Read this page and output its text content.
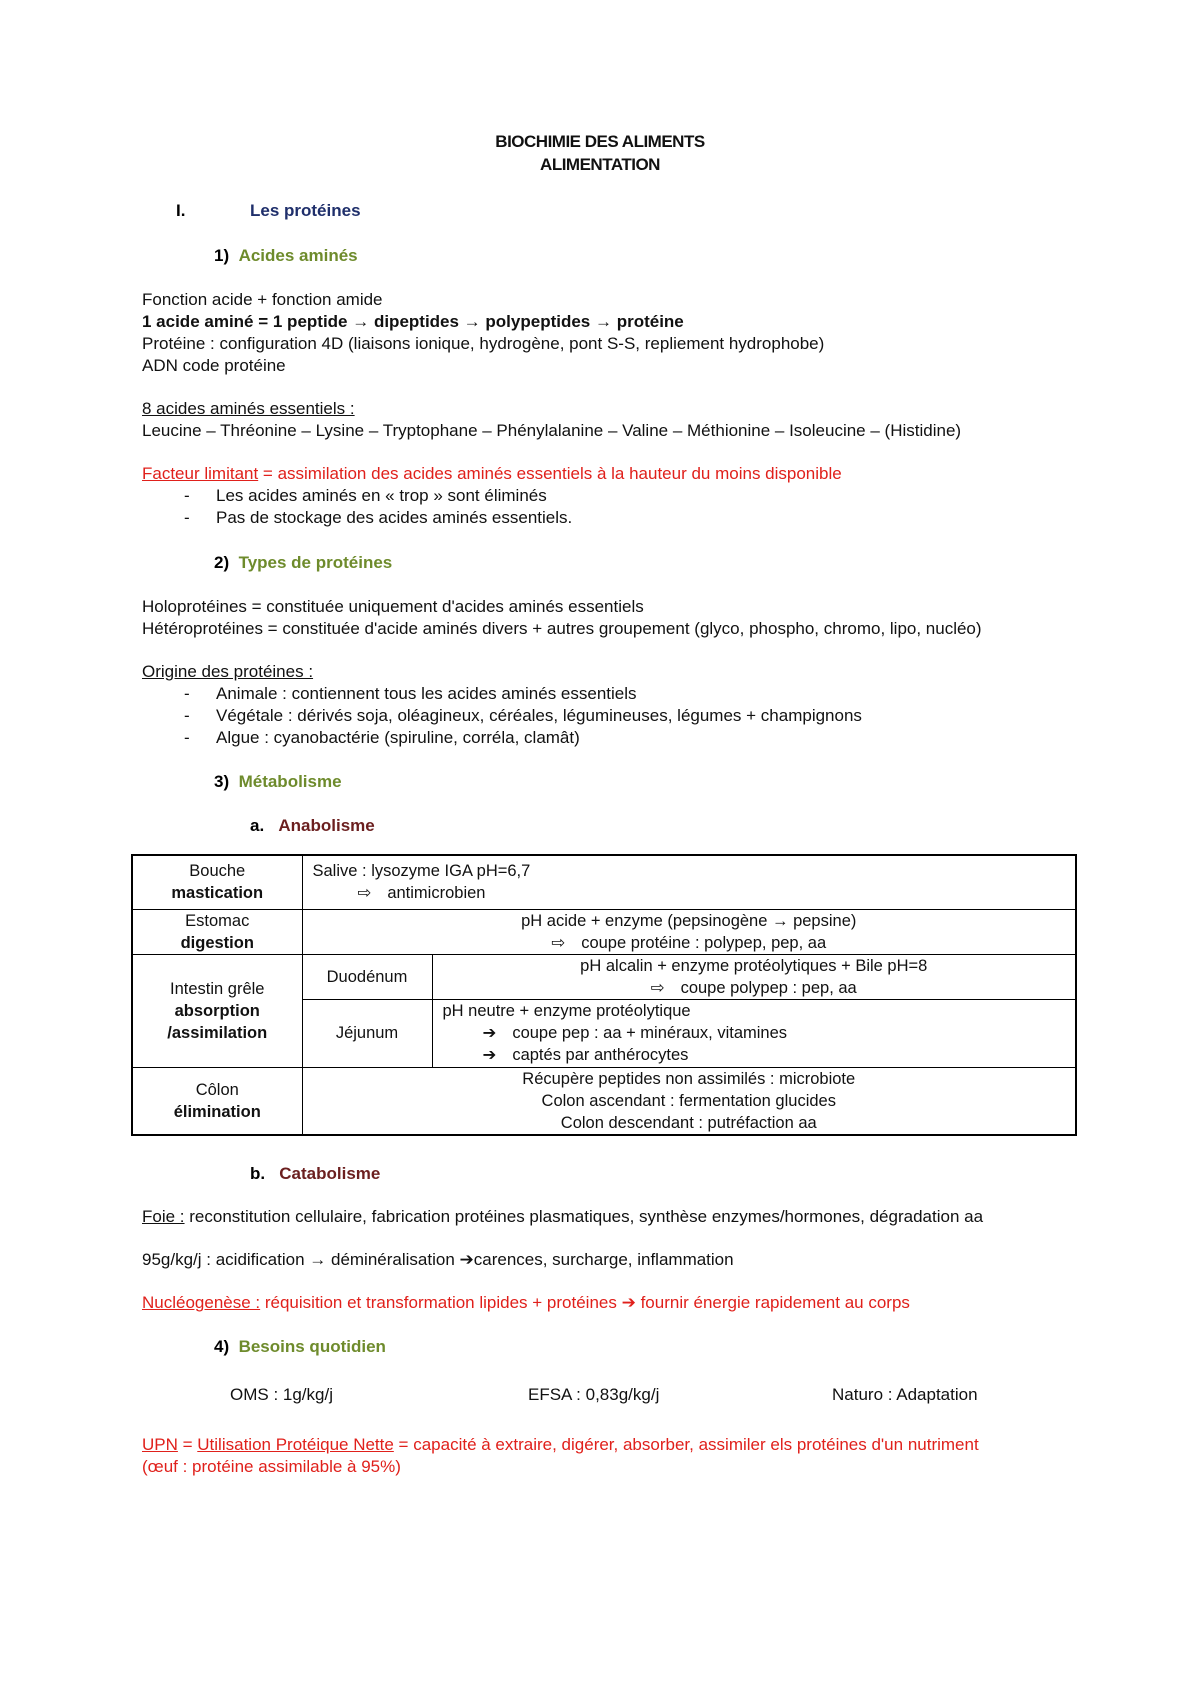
BIOCHIMIE DES ALIMENTS
ALIMENTATION
I.	Les protéines
1) Acides aminés
Fonction acide + fonction amide
1 acide aminé = 1 peptide → dipeptides → polypeptides → protéine
Protéine : configuration 4D (liaisons ionique, hydrogène, pont S-S, repliement hydrophobe)
ADN code protéine
8 acides aminés essentiels :
Leucine – Thréonine – Lysine – Tryptophane – Phénylalanine – Valine – Méthionine – Isoleucine – (Histidine)
Facteur limitant = assimilation des acides aminés essentiels à la hauteur du moins disponible
- Les acides aminés en « trop » sont éliminés
- Pas de stockage des acides aminés essentiels.
2) Types de protéines
Holoprotéines = constituée uniquement d'acides aminés essentiels
Hétéroprotéines = constituée d'acide aminés divers + autres groupement (glyco, phospho, chromo, lipo, nucléo)
Origine des protéines :
- Animale : contiennent tous les acides aminés essentiels
- Végétale : dérivés soja, oléagineux, céréales, légumineuses, légumes + champignons
- Algue : cyanobactérie (spiruline, corréla, clamât)
3) Métabolisme
a. Anabolisme
Bouche
mastication	Salive : lysozyme IGA pH=6,7
⇨ antimicrobien	

Estomac
digestion	pH acide + enzyme (pepsinogène → pepsine)
⇨ coupe protéine : polypep, pep, aa	

Intestin grêle
absorption
/assimilation	Duodénum	pH alcalin + enzyme protéolytiques + Bile pH=8
⇨ coupe polypep : pep, aa

	Jéjunum	pH neutre + enzyme protéolytique
➔ coupe pep : aa + minéraux, vitamines
➔ captés par anthérocytes

Côlon
élimination	Récupère peptides non assimilés : microbiote
Colon ascendant : fermentation glucides
Colon descendant : putréfaction aa	
b. Catabolisme
Foie : reconstitution cellulaire, fabrication protéines plasmatiques, synthèse enzymes/hormones, dégradation aa
95g/kg/j : acidification → déminéralisation ➔carences, surcharge, inflammation
Nucléogenèse : réquisition et transformation lipides + protéines ➔ fournir énergie rapidement au corps
4) Besoins quotidien
OMS : 1g/kg/j	EFSA : 0,83g/kg/j	Naturo : Adaptation
UPN = Utilisation Protéique Nette = capacité à extraire, digérer, absorber, assimiler els protéines d'un nutriment
(œuf : protéine assimilable à 95%)
